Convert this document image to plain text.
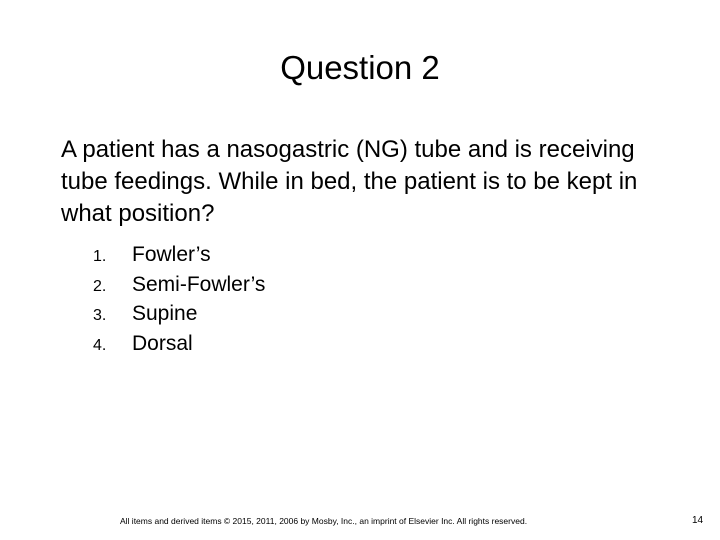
Question 2
A patient has a nasogastric (NG) tube and is receiving tube feedings. While in bed, the patient is to be kept in what position?
1.	Fowler’s
2.	Semi-Fowler’s
3.	Supine
4.	Dorsal
All items and derived items © 2015, 2011, 2006 by Mosby, Inc., an imprint of Elsevier Inc. All rights reserved.	14
